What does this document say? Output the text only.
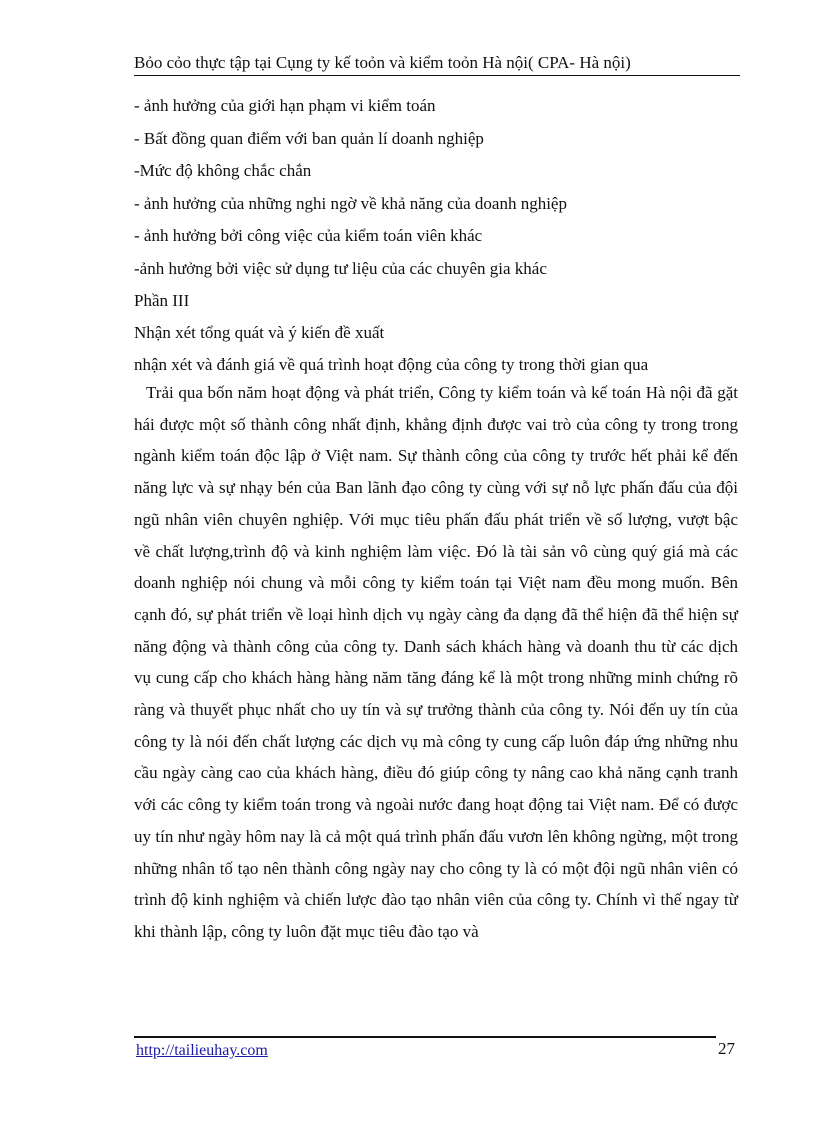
Bỏo cỏo thực tập tại Cụng ty kế toỏn và kiểm toỏn Hà nội( CPA- Hà nội)
- ảnh hưởng của giới hạn phạm vi kiểm toán
- Bất đồng quan điểm với ban quản lí doanh nghiệp
-Mức độ không chắc chắn
- ảnh hưởng của những nghi ngờ về khả năng của doanh nghiệp
- ảnh hưởng bởi công việc của kiểm toán viên khác
-ảnh hưởng bởi việc sử dụng tư liệu của các chuyên gia khác
Phần III
Nhận xét tổng quát và ý kiến đề xuất
nhận xét và đánh giá về quá trình hoạt động của công ty trong thời gian qua

Trải qua bốn năm hoạt động và phát triển, Công ty kiểm toán và kế toán Hà nội đã gặt hái được một số thành công nhất định, khẳng định được vai trò của công ty trong trong ngành kiểm toán độc lập ở Việt nam. Sự thành công của công ty trước hết phải kể đến năng lực và sự nhạy bén của Ban lãnh đạo công ty cùng với sự nỗ lực phấn đấu của đội ngũ nhân viên chuyên nghiệp. Với mục tiêu phấn đấu phát triển về số lượng, vượt bậc về chất lượng,trình độ và kinh nghiệm làm việc. Đó là tài sản vô cùng quý giá mà các doanh nghiệp nói chung và mỗi công ty kiểm toán tại Việt nam đều mong muốn. Bên cạnh đó, sự phát triển về loại hình dịch vụ ngày càng đa dạng đã thể hiện đã thể hiện sự năng động và thành công của công ty. Danh sách khách hàng và doanh thu từ các dịch vụ cung cấp cho khách hàng hàng năm tăng đáng kể là một trong những minh chứng rõ ràng và thuyết phục nhất cho uy tín và sự trưởng thành của công ty. Nói đến uy tín của công ty là nói đến chất lượng các dịch vụ mà công ty cung cấp luôn đáp ứng những nhu cầu ngày càng cao của khách hàng, điều đó giúp công ty nâng cao khả năng cạnh tranh với các công ty kiểm toán trong và ngoài nước đang hoạt động tai Việt nam. Để có được uy tín như ngày hôm nay là cả một quá trình phấn đấu vươn lên không ngừng, một trong những nhân tố tạo nên thành công ngày nay cho công ty là có một đội ngũ nhân viên có trình độ kinh nghiệm và chiến lược đào tạo nhân viên của công ty. Chính vì thế ngay từ khi thành lập, công ty luôn đặt mục tiêu đào tạo và

http://tailieuhay.com	27
